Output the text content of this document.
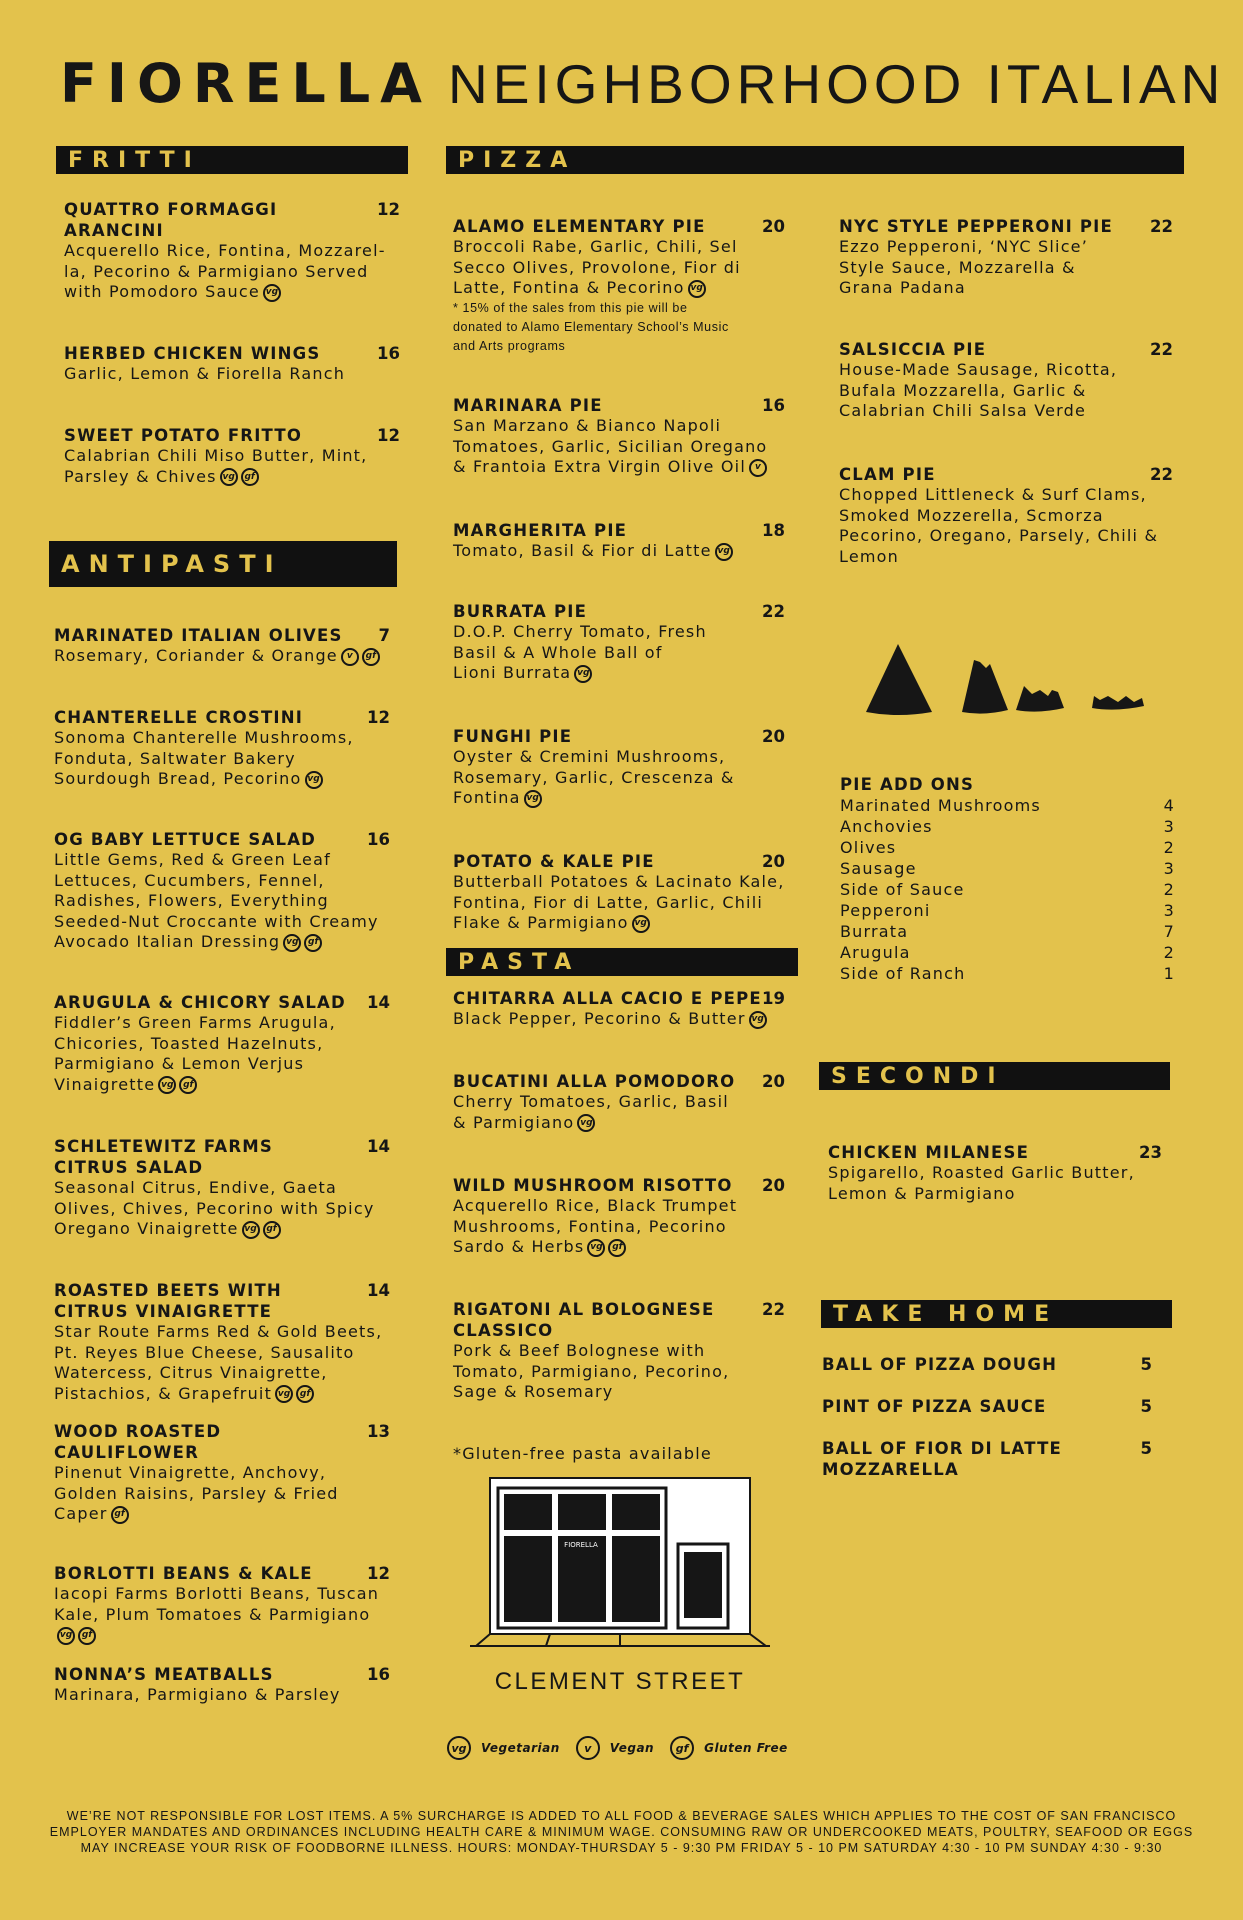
FIORELLA NEIGHBORHOOD ITALIAN
FRITTI
ANTIPASTI
PIZZA
PASTA
SECONDI
TAKE HOME
QUATTRO FORMAGGI
ARANCINI
12
Acquerello Rice, Fontina, Mozzarel-
la, Pecorino & Parmigiano Served
with Pomodoro Sauce vg
HERBED CHICKEN WINGS	16
Garlic, Lemon & Fiorella Ranch
SWEET POTATO FRITTO	12
Calabrian Chili Miso Butter, Mint,
Parsley & Chives vg gf
MARINATED ITALIAN OLIVES 7
Rosemary, Coriander & Orange v gf
CHANTERELLE CROSTINI	12
Sonoma Chanterelle Mushrooms,
Fonduta, Saltwater Bakery
Sourdough Bread, Pecorino vg
OG BABY LETTUCE SALAD	16
Little Gems, Red & Green Leaf
Lettuces, Cucumbers, Fennel,
Radishes, Flowers, Everything
Seeded-Nut Croccante with Creamy
Avocado Italian Dressing vg gf
ARUGULA & CHICORY SALAD 14
Fiddler’s Green Farms Arugula,
Chicories, Toasted Hazelnuts,
Parmigiano & Lemon Verjus
Vinaigrette vg gf
SCHLETEWITZ FARMS
CITRUS SALAD
14
Seasonal Citrus, Endive, Gaeta
Olives, Chives, Pecorino with Spicy
Oregano Vinaigrette vg gf
ROASTED BEETS WITH
CITRUS VINAIGRETTE
14
Star Route Farms Red & Gold Beets,
Pt. Reyes Blue Cheese, Sausalito
Watercess, Citrus Vinaigrette,
Pistachios, & Grapefruit vg gf
WOOD ROASTED
CAULIFLOWER
13
Pinenut Vinaigrette, Anchovy,
Golden Raisins, Parsley & Fried
Caper gf
BORLOTTI BEANS & KALE	12
Iacopi Farms Borlotti Beans, Tuscan
Kale, Plum Tomatoes & Parmigianovg gf
NONNA’S MEATBALLS	16
Marinara, Parmigiano & Parsley
ALAMO ELEMENTARY PIE	20
Broccoli Rabe, Garlic, Chili, Sel
Secco Olives, Provolone, Fior di
Latte, Fontina & Pecorino vg
* 15% of the sales from this pie will be
donated to Alamo Elementary School’s Music
and Arts programs
MARINARA PIE	16
San Marzano & Bianco Napoli
Tomatoes, Garlic, Sicilian Oregano
& Frantoia Extra Virgin Olive Oil v
MARGHERITA PIE	18
Tomato, Basil & Fior di Latte vg
BURRATA PIE	22
D.O.P. Cherry Tomato, Fresh
Basil & A Whole Ball of
Lioni Burrata vg
FUNGHI PIE	20
Oyster & Cremini Mushrooms,
Rosemary, Garlic, Crescenza &
Fontina vg
POTATO & KALE PIE	20
Butterball Potatoes & Lacinato Kale,
Fontina, Fior di Latte, Garlic, Chili
Flake & Parmigiano vg
NYC STYLE PEPPERONI PIE 22
Ezzo Pepperoni, ‘NYC Slice’
Style Sauce, Mozzarella &
Grana Padana
SALSICCIA PIE	22
House-Made Sausage, Ricotta,
Bufala Mozzarella, Garlic &
Calabrian Chili Salsa Verde
CLAM PIE	22
Chopped Littleneck & Surf Clams,
Smoked Mozzerella, Scmorza
Pecorino, Oregano, Parsely, Chili &
Lemon
CHITARRA ALLA CACIO E PEPE 19
Black Pepper, Pecorino & Butter vg
BUCATINI ALLA POMODORO 20
Cherry Tomatoes, Garlic, Basil
& Parmigiano vg
WILD MUSHROOM RISOTTO 20
Acquerello Rice, Black Trumpet
Mushrooms, Fontina, Pecorino
Sardo & Herbs vg gf
RIGATONI AL BOLOGNESE
CLASSICO
22
Pork & Beef Bolognese with
Tomato, Parmigiano, Pecorino,
Sage & Rosemary
CHICKEN MILANESE	23
Spigarello, Roasted Garlic Butter,
Lemon & Parmigiano
BALL OF PIZZA DOUGH	5
PINT OF PIZZA SAUCE	5
BALL OF FIOR DI LATTE
MOZZARELLA
5
PIE ADD ONS
Marinated Mushrooms	4
Anchovies	3
Olives	2
Sausage	3
Side of Sauce	2
Pepperoni	3
Burrata	7
Arugula	2
Side of Ranch	1
*Gluten-free pasta available
FIORELLA
CLEMENT STREET
vg	Vegetarian	v	Vegan	gf	Gluten Free
WE’RE NOT RESPONSIBLE FOR LOST ITEMS. A 5% SURCHARGE IS ADDED TO ALL FOOD & BEVERAGE SALES WHICH APPLIES TO THE COST OF SAN FRANCISCO
EMPLOYER MANDATES AND ORDINANCES INCLUDING HEALTH CARE & MINIMUM WAGE. CONSUMING RAW OR UNDERCOOKED MEATS, POULTRY, SEAFOOD OR EGGS
MAY INCREASE YOUR RISK OF FOODBORNE ILLNESS. HOURS: MONDAY-THURSDAY 5 - 9:30 PM FRIDAY 5 - 10 PM SATURDAY 4:30 - 10 PM SUNDAY 4:30 - 9:30
